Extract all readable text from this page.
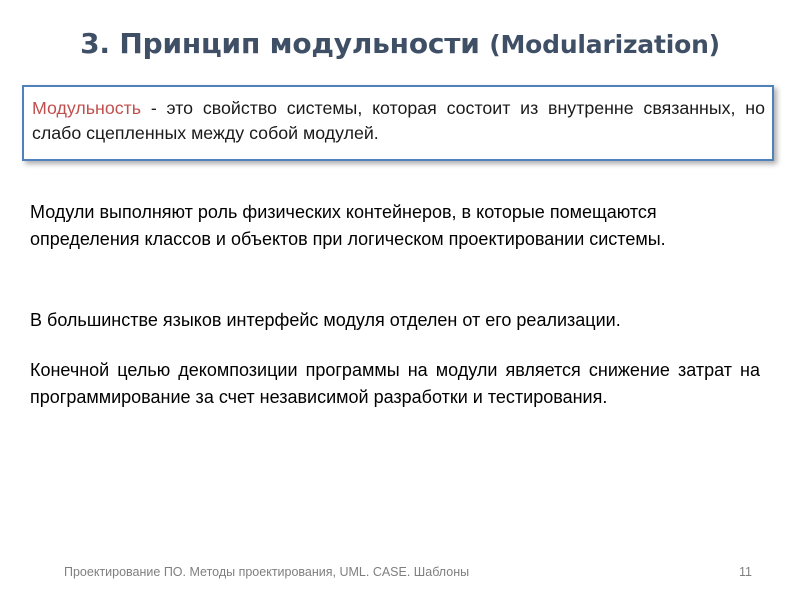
3. Принцип модульности (Modularization)

Модульность - это свойство системы, которая состоит из внутренне связанных, но слабо сцепленных между собой модулей.

Модули выполняют роль физических контейнеров, в которые помещаются определения классов и объектов при логическом проектировании системы.

В большинстве языков интерфейс модуля отделен от его реализации.

Конечной целью декомпозиции программы на модули является снижение затрат на программирование за счет независимой разработки и тестирования.

Проектирование ПО. Методы проектирования, UML. CASE. Шаблоны	11
